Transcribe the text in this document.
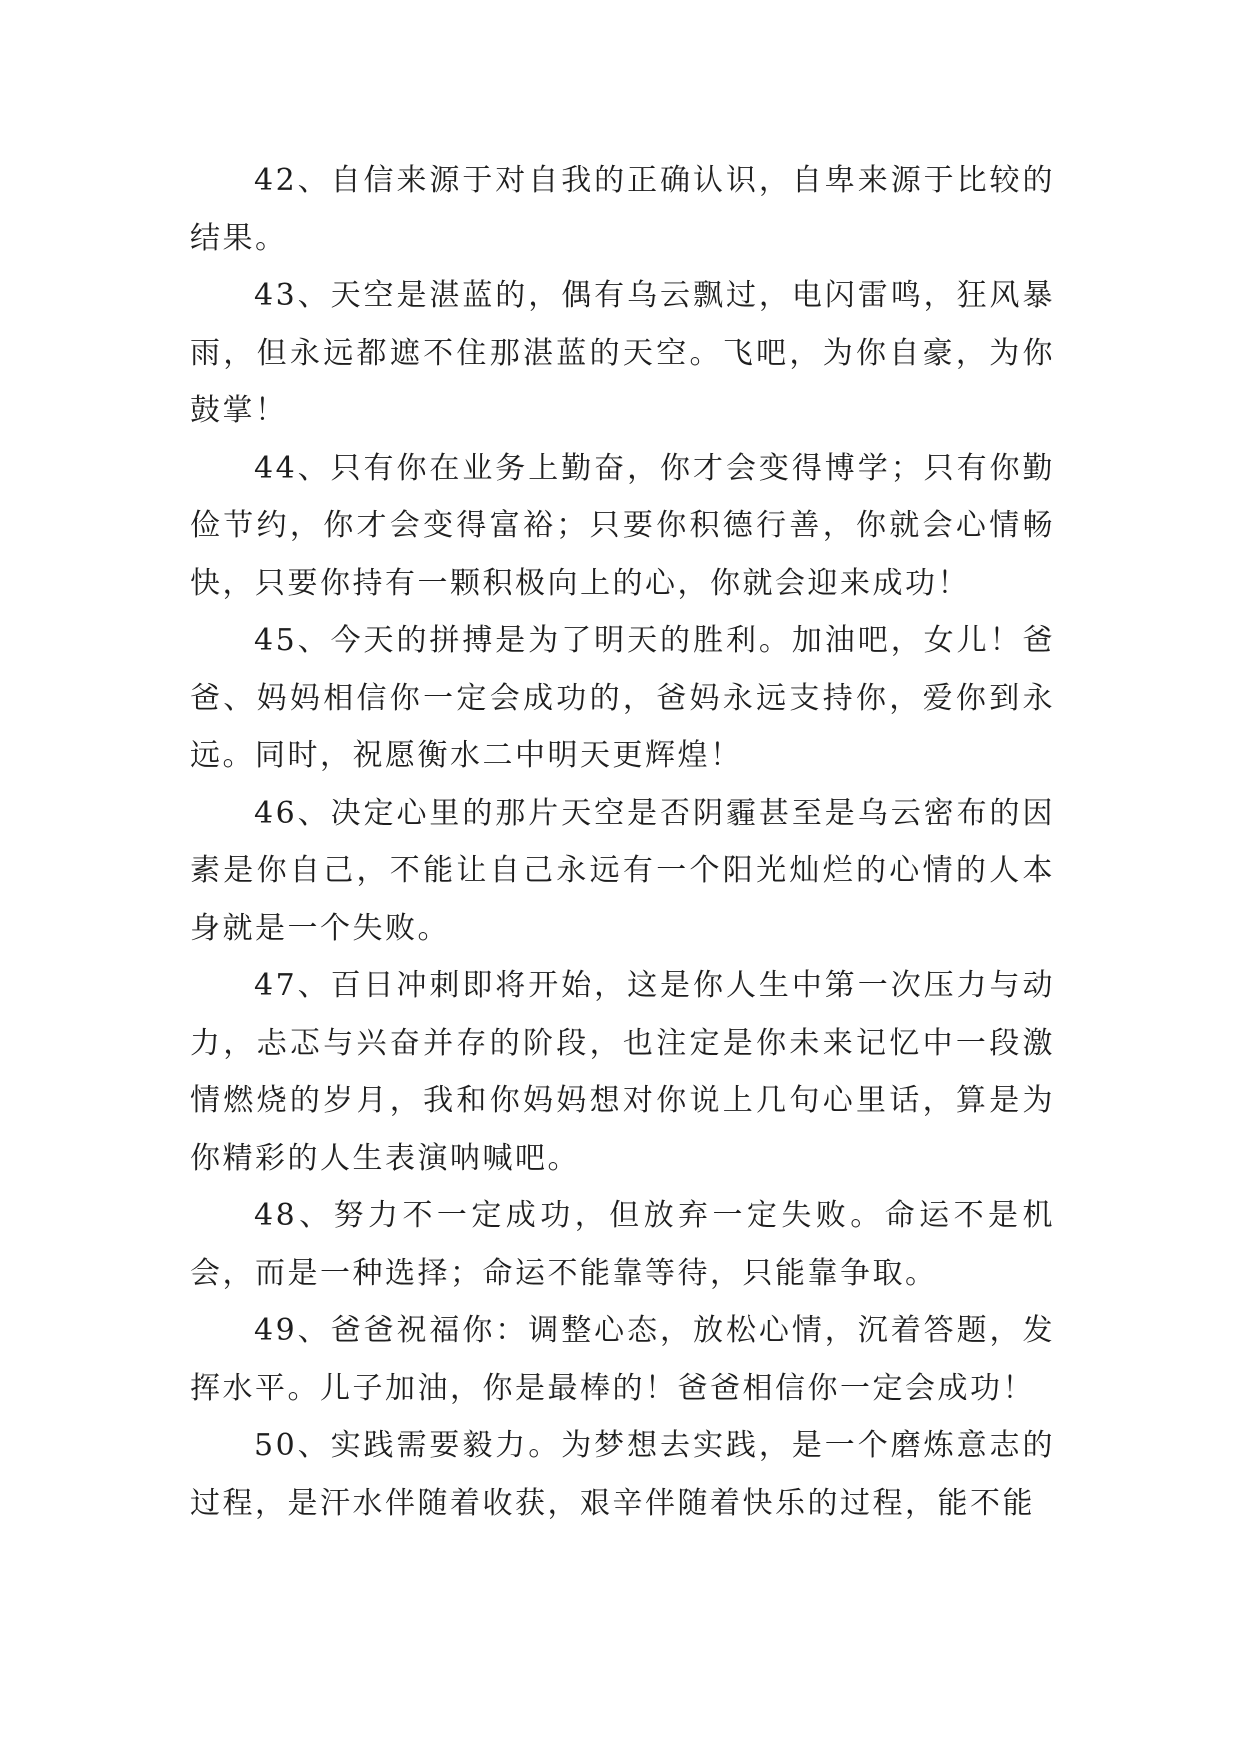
42、自信来源于对自我的正确认识，自卑来源于比较的结果。

43、天空是湛蓝的，偶有乌云飘过，电闪雷鸣，狂风暴雨，但永远都遮不住那湛蓝的天空。飞吧，为你自豪，为你鼓掌！

44、只有你在业务上勤奋，你才会变得博学；只有你勤俭节约，你才会变得富裕；只要你积德行善，你就会心情畅快，只要你持有一颗积极向上的心，你就会迎来成功！

45、今天的拼搏是为了明天的胜利。加油吧，女儿！爸爸、妈妈相信你一定会成功的，爸妈永远支持你，爱你到永远。同时，祝愿衡水二中明天更辉煌！

46、决定心里的那片天空是否阴霾甚至是乌云密布的因素是你自己，不能让自己永远有一个阳光灿烂的心情的人本身就是一个失败。

47、百日冲刺即将开始，这是你人生中第一次压力与动力，忐忑与兴奋并存的阶段，也注定是你未来记忆中一段激情燃烧的岁月，我和你妈妈想对你说上几句心里话，算是为你精彩的人生表演呐喊吧。

48、努力不一定成功，但放弃一定失败。命运不是机会，而是一种选择；命运不能靠等待，只能靠争取。

49、爸爸祝福你：调整心态，放松心情，沉着答题，发挥水平。儿子加油，你是最棒的！爸爸相信你一定会成功！

50、实践需要毅力。为梦想去实践，是一个磨炼意志的过程，是汗水伴随着收获，艰辛伴随着快乐的过程，能不能
